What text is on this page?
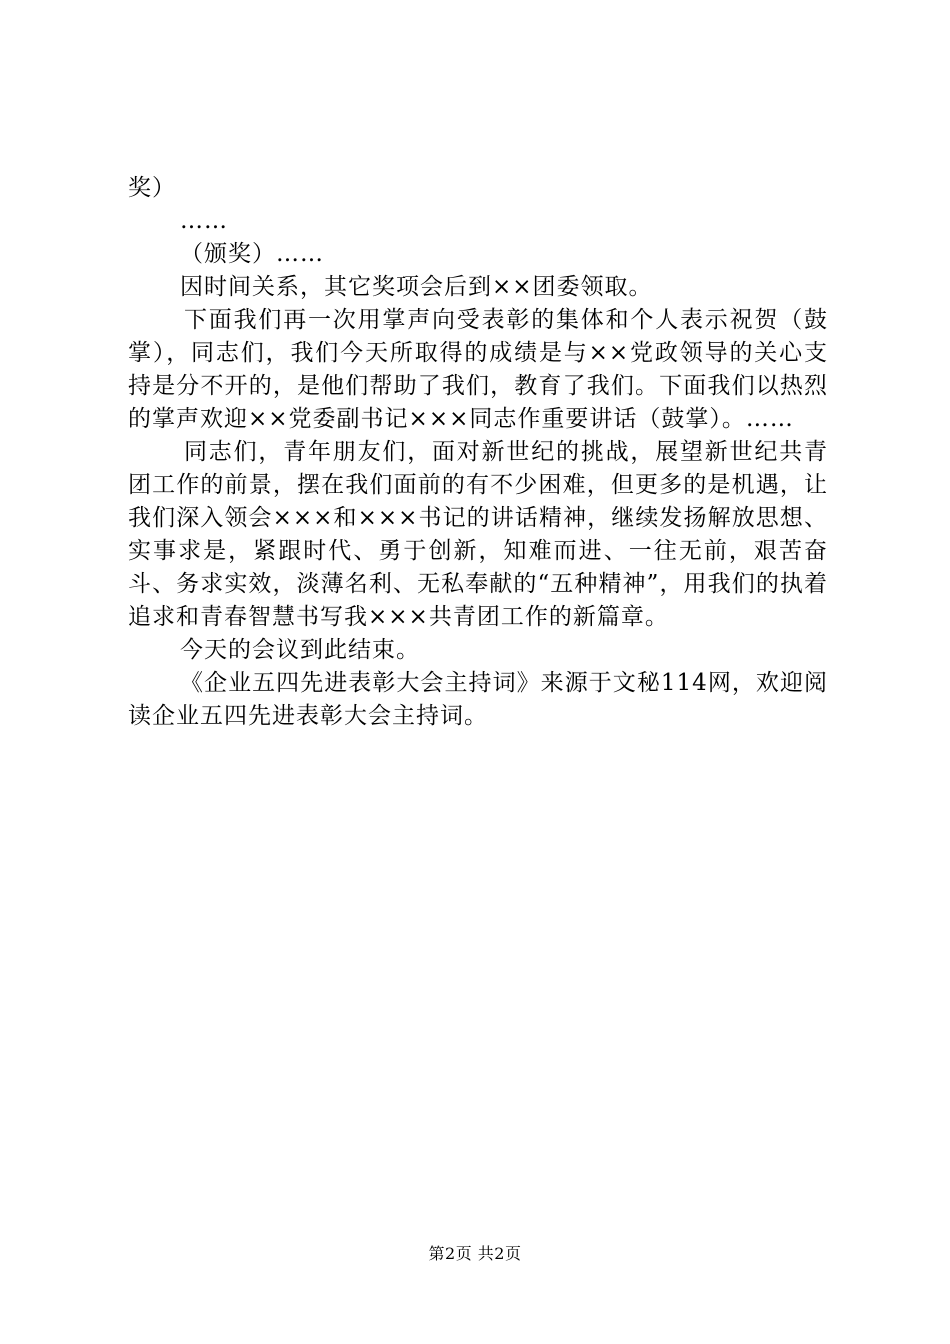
奖）

……

（颁奖）……

因时间关系，其它奖项会后到××团委领取。

下面我们再一次用掌声向受表彰的集体和个人表示祝贺（鼓掌），同志们，我们今天所取得的成绩是与××党政领导的关心支持是分不开的，是他们帮助了我们，教育了我们。下面我们以热烈的掌声欢迎××党委副书记×××同志作重要讲话（鼓掌）。……

同志们，青年朋友们，面对新世纪的挑战，展望新世纪共青团工作的前景，摆在我们面前的有不少困难，但更多的是机遇，让我们深入领会×××和×××书记的讲话精神，继续发扬解放思想、实事求是，紧跟时代、勇于创新，知难而进、一往无前，艰苦奋斗、务求实效，淡薄名利、无私奉献的“五种精神”，用我们的执着追求和青春智慧书写我×××共青团工作的新篇章。

今天的会议到此结束。

《企业五四先进表彰大会主持词》来源于文秘114网，欢迎阅读企业五四先进表彰大会主持词。

第2页 共2页
